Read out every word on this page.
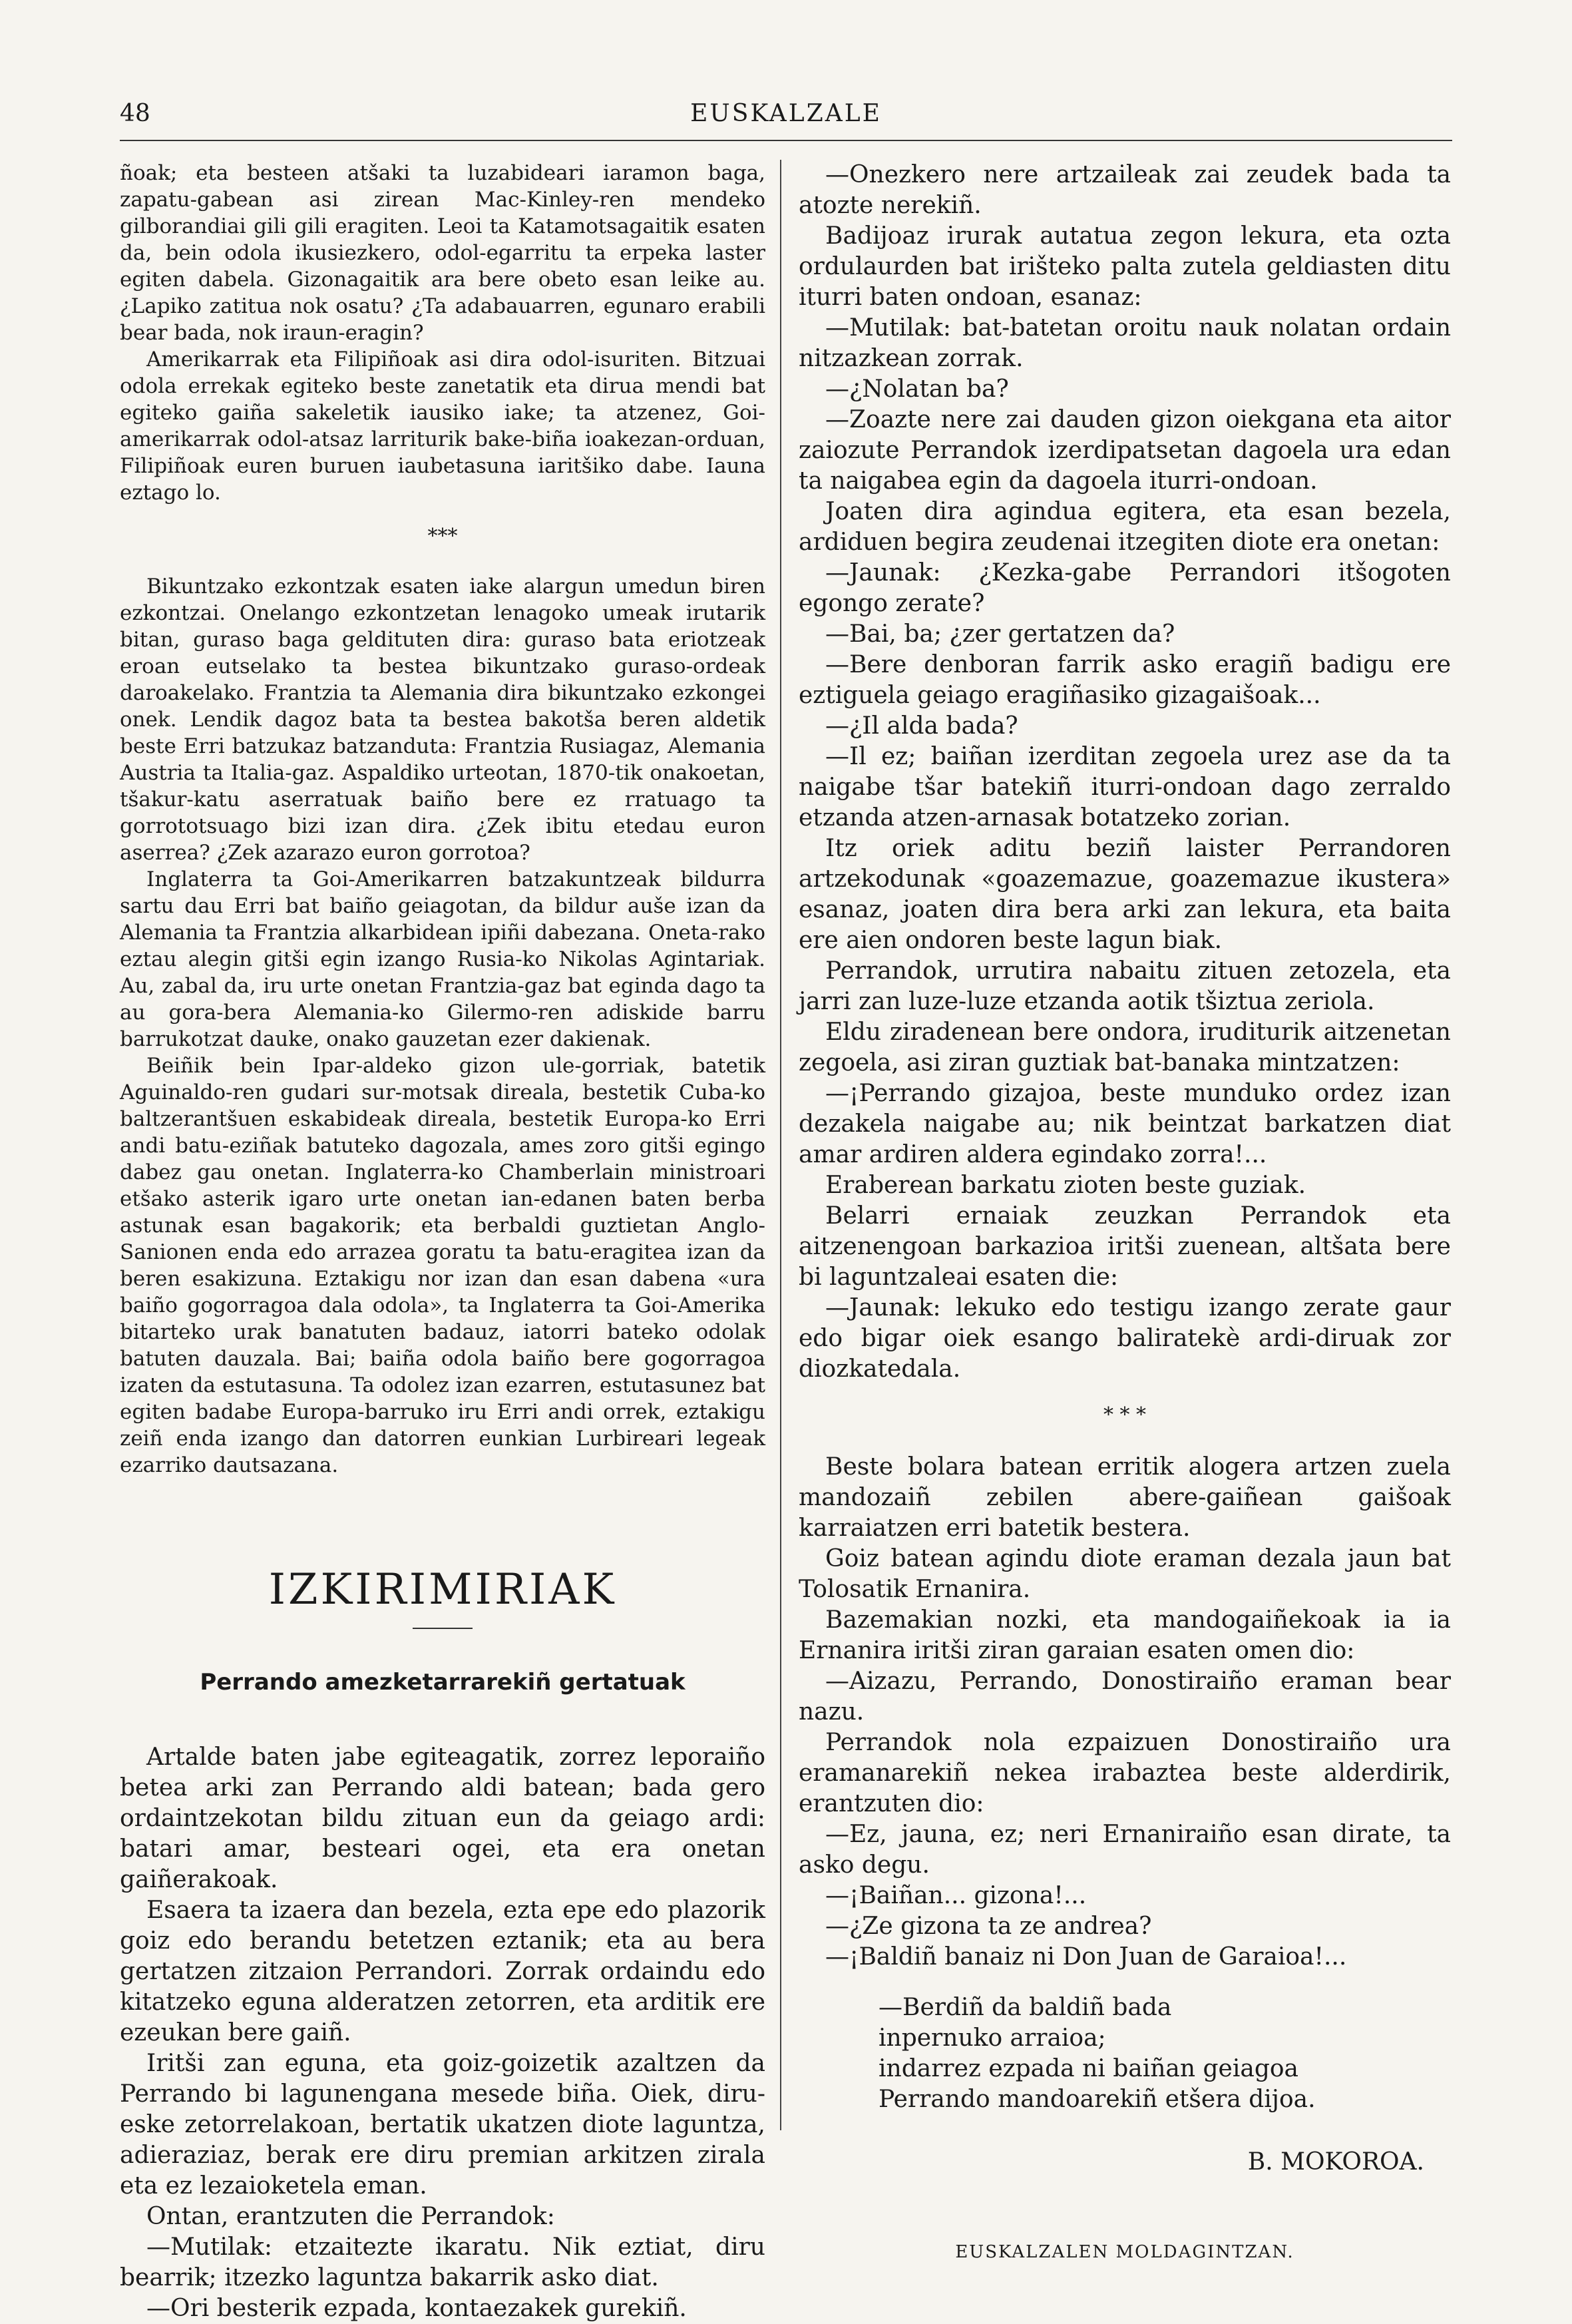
48	EUSKALZALE

ñoak; eta besteen atšaki ta luzabideari iaramon baga, zapatu-gabean asi zirean Mac-Kinley-ren mendeko gilborandiai gili gili eragiten. Leoi ta Katamotsagaitik esaten da, bein odola ikusiezkero, odol-egarritu ta erpeka laster egiten dabela. Gizonagaitik ara bere obeto esan leike au. ¿Lapiko zatitua nok osatu? ¿Ta adabauarren, egunaro erabili bear bada, nok iraun-eragin?

Amerikarrak eta Filipiñoak asi dira odol-isuriten. Bitzuai odola errekak egiteko beste zanetatik eta dirua mendi bat egiteko gaiña sakeletik iausiko iake; ta atzenez, Goi-amerikarrak odol-atsaz larriturik bake-biña ioakezan-orduan, Filipiñoak euren buruen iaubetasuna iaritšiko dabe. Iauna eztago lo.

***

Bikuntzako ezkontzak esaten iake alargun umedun biren ezkontzai. Onelango ezkontzetan lenagoko umeak irutarik bitan, guraso baga geldituten dira: guraso bata eriotzeak eroan eutselako ta bestea bikuntzako guraso-ordeak daroakelako. Frantzia ta Alemania dira bikuntzako ezkongei onek. Lendik dagoz bata ta bestea bakotša beren aldetik beste Erri batzukaz batzanduta: Frantzia Rusiagaz, Alemania Austria ta Italia-gaz. Aspaldiko urteotan, 1870-tik onakoetan, tšakur-katu aserratuak baiño bere ez rratuago ta gorrototsuago bizi izan dira. ¿Zek ibitu etedau euron aserrea? ¿Zek azarazo euron gorrotoa?

Inglaterra ta Goi-Amerikarren batzakuntzeak bildurra sartu dau Erri bat baiño geiagotan, da bildur auše izan da Alemania ta Frantzia alkarbidean ipiñi dabezana. Oneta-rako eztau alegin gitši egin izango Rusia-ko Nikolas Agintariak. Au, zabal da, iru urte onetan Frantzia-gaz bat eginda dago ta au gora-bera Alemania-ko Gilermo-ren adiskide barru barrukotzat dauke, onako gauzetan ezer dakienak.

Beiñik bein Ipar-aldeko gizon ule-gorriak, batetik Aguinaldo-ren gudari sur-motsak direala, bestetik Cuba-ko baltzerantšuen eskabideak direala, bestetik Europa-ko Erri andi batu-eziñak batuteko dagozala, ames zoro gitši egingo dabez gau onetan. Inglaterra-ko Chamberlain ministroari etšako asterik igaro urte onetan ian-edanen baten berba astunak esan bagakorik; eta berbaldi guztietan Anglo-Sanionen enda edo arrazea goratu ta batu-eragitea izan da beren esakizuna. Eztakigu nor izan dan esan dabena «ura baiño gogorragoa dala odola», ta Inglaterra ta Goi-Amerika bitarteko urak banatuten badauz, iatorri bateko odolak batuten dauzala. Bai; baiña odola baiño bere gogorragoa izaten da estutasuna. Ta odolez izan ezarren, estutasunez bat egiten badabe Europa-barruko iru Erri andi orrek, eztakigu zeiñ enda izango dan datorren eunkian Lurbireari legeak ezarriko dautsazana.

IZKIRIMIRIAK
Perrando amezketarrarekiñ gertatuak

Artalde baten jabe egiteagatik, zorrez leporaiño betea arki zan Perrando aldi batean; bada gero ordaintzekotan bildu zituan eun da geiago ardi: batari amar, besteari ogei, eta era onetan gaiñerakoak.

Esaera ta izaera dan bezela, ezta epe edo plazorik goiz edo berandu betetzen eztanik; eta au bera gertatzen zitzaion Perrandori. Zorrak ordaindu edo kitatzeko eguna alderatzen zetorren, eta arditik ere ezeukan bere gaiñ.

Iritši zan eguna, eta goiz-goizetik azaltzen da Perrando bi lagunengana mesede biña. Oiek, diru-eske zetorrelakoan, bertatik ukatzen diote laguntza, adieraziaz, berak ere diru premian arkitzen zirala eta ez lezaioketela eman.

Ontan, erantzuten die Perrandok:

—Mutilak: etzaitezte ikaratu. Nik eztiat, diru bearrik; itzezko laguntza bakarrik asko diat.

—Ori besterik ezpada, kontaezakek gurekiñ.

—Onezkero nere artzaileak zai zeudek bada ta atozte nerekiñ.

Badijoaz irurak autatua zegon lekura, eta ozta ordulaurden bat irišteko palta zutela geldiasten ditu iturri baten ondoan, esanaz:

—Mutilak: bat-batetan oroitu nauk nolatan ordain nitzazkean zorrak.

—¿Nolatan ba?

—Zoazte nere zai dauden gizon oiekgana eta aitor zaiozute Perrandok izerdipatsetan dagoela ura edan ta naigabea egin da dagoela iturri-ondoan.

Joaten dira agindua egitera, eta esan bezela, ardiduen begira zeudenai itzegiten diote era onetan:

—Jaunak: ¿Kezka-gabe Perrandori itšogoten egongo zerate?

—Bai, ba; ¿zer gertatzen da?

—Bere denboran farrik asko eragiñ badigu ere eztiguela geiago eragiñasiko gizagaišoak...

—¿Il alda bada?

—Il ez; baiñan izerditan zegoela urez ase da ta naigabe tšar batekiñ iturri-ondoan dago zerraldo etzanda atzen-arnasak botatzeko zorian.

Itz oriek aditu beziñ laister Perrandoren artzekodunak «goazemazue, goazemazue ikustera» esanaz, joaten dira bera arki zan lekura, eta baita ere aien ondoren beste lagun biak.

Perrandok, urrutira nabaitu zituen zetozela, eta jarri zan luze-luze etzanda aotik tšiztua zeriola.

Eldu ziradenean bere ondora, iruditurik aitzenetan zegoela, asi ziran guztiak bat-banaka mintzatzen:

—¡Perrando gizajoa, beste munduko ordez izan dezakela naigabe au; nik beintzat barkatzen diat amar ardiren aldera egindako zorra!...

Eraberean barkatu zioten beste guziak.

Belarri ernaiak zeuzkan Perrandok eta aitzenengoan barkazioa iritši zuenean, altšata bere bi laguntzaleai esaten die:

—Jaunak: lekuko edo testigu izango zerate gaur edo bigar oiek esango baliratekè ardi-diruak zor diozkatedala.

* * *

Beste bolara batean erritik alogera artzen zuela mandozaiñ zebilen abere-gaiñean gaišoak karraiatzen erri batetik bestera.

Goiz batean agindu diote eraman dezala jaun bat Tolosatik Ernanira.

Bazemakian nozki, eta mandogaiñekoak ia ia Ernanira iritši ziran garaian esaten omen dio:

—Aizazu, Perrando, Donostiraiño eraman bear nazu.

Perrandok nola ezpaizuen Donostiraiño ura eramanarekiñ nekea irabaztea beste alderdirik, erantzuten dio:

—Ez, jauna, ez; neri Ernaniraiño esan dirate, ta asko degu.

—¡Baiñan... gizona!...

—¿Ze gizona ta ze andrea?

—¡Baldiñ banaiz ni Don Juan de Garaioa!...

—Berdiñ da baldiñ bada
inpernuko arraioa;
indarrez ezpada ni baiñan geiagoa
Perrando mandoarekiñ etšera dijoa.
B. MOKOROA.
EUSKALZALEN MOLDAGINTZAN.
